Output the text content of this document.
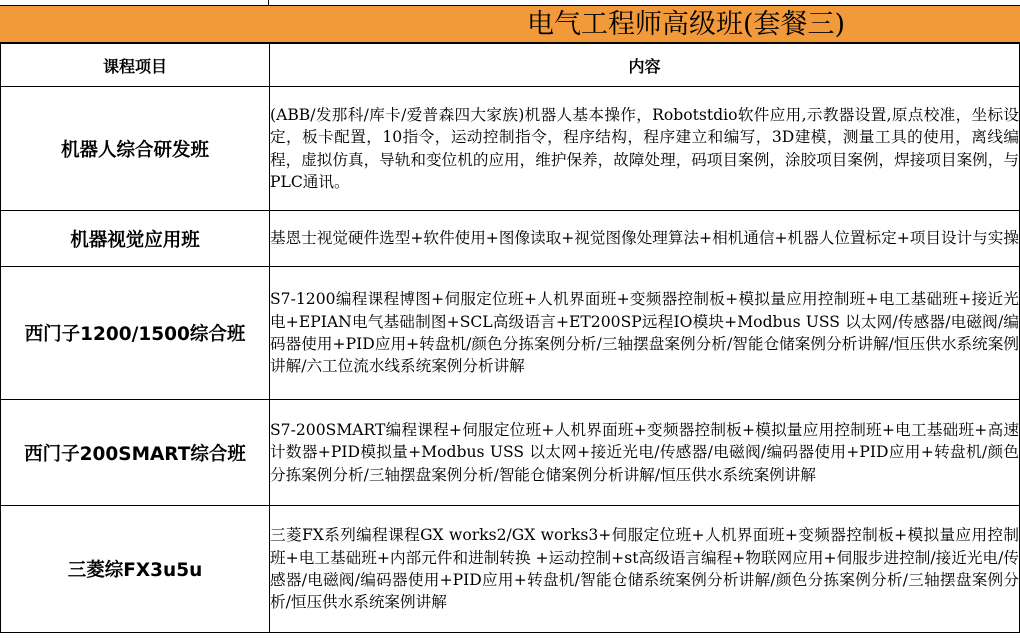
电气工程师高级班(套餐三)
课程项目	内容
机器人综合研发班	(ABB/发那科/库卡/爱普森四大家族)机器人基本操作，Robotstdio软件应用,示教器设置,原点校准，坐标设定，板卡配置，10指令，运动控制指令，程序结构，程序建立和编写，3D建模，测量工具的使用，离线编程，虚拟仿真，导轨和变位机的应用，维护保养，故障处理，码项目案例，涂胶项目案例，焊接项目案例，与PLC通讯。
机器视觉应用班	基恩士视觉硬件选型+软件使用+图像读取+视觉图像处理算法+相机通信+机器人位置标定+项目设计与实操
西门子1200/1500综合班	S7-1200编程课程博图+伺服定位班+人机界面班+变频器控制板+模拟量应用控制班+电工基础班+接近光电+EPIAN电气基础制图+SCL高级语言+ET200SP远程IO模块+Modbus USS 以太网/传感器/电磁阀/编码器使用+PID应用+转盘机/颜色分拣案例分析/三轴摆盘案例分析/智能仓储案例分析讲解/恒压供水系统案例讲解/六工位流水线系统案例分析讲解
西门子200SMART综合班	S7-200SMART编程课程+伺服定位班+人机界面班+变频器控制板+模拟量应用控制班+电工基础班+高速计数器+PID模拟量+Modbus USS 以太网+接近光电/传感器/电磁阀/编码器使用+PID应用+转盘机/颜色分拣案例分析/三轴摆盘案例分析/智能仓储案例分析讲解/恒压供水系统案例讲解
三菱综FX3u5u	三菱FX系列编程课程GX works2/GX works3+伺服定位班+人机界面班+变频器控制板+模拟量应用控制班+电工基础班+内部元件和进制转换 +运动控制+st高级语言编程+物联网应用+伺服步进控制/接近光电/传感器/电磁阀/编码器使用+PID应用+转盘机/智能仓储系统案例分析讲解/颜色分拣案例分析/三轴摆盘案例分析/恒压供水系统案例讲解
